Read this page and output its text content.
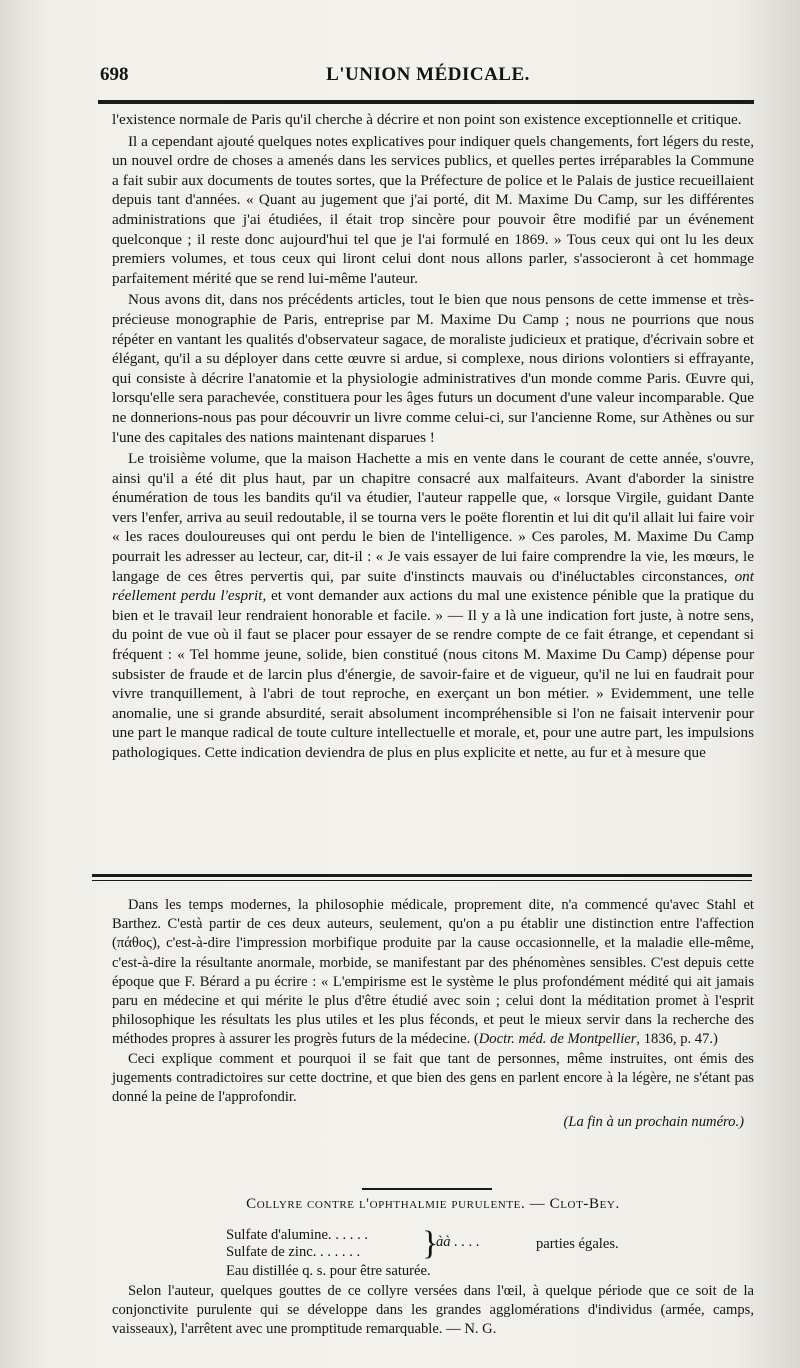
698	L'UNION MÉDICALE.

l'existence normale de Paris qu'il cherche à décrire et non point son existence exceptionnelle et critique.

Il a cependant ajouté quelques notes explicatives pour indiquer quels changements, fort légers du reste, un nouvel ordre de choses a amenés dans les services publics, et quelles pertes irréparables la Commune a fait subir aux documents de toutes sortes, que la Préfecture de police et le Palais de justice recueillaient depuis tant d'années. « Quant au jugement que j'ai porté, dit M. Maxime Du Camp, sur les différentes administrations que j'ai étudiées, il était trop sincère pour pouvoir être modifié par un événement quelconque ; il reste donc aujourd'hui tel que je l'ai formulé en 1869. » Tous ceux qui ont lu les deux premiers volumes, et tous ceux qui liront celui dont nous allons parler, s'associeront à cet hommage parfaitement mérité que se rend lui-même l'auteur.

Nous avons dit, dans nos précédents articles, tout le bien que nous pensons de cette immense et très-précieuse monographie de Paris, entreprise par M. Maxime Du Camp ; nous ne pourrions que nous répéter en vantant les qualités d'observateur sagace, de moraliste judicieux et pratique, d'écrivain sobre et élégant, qu'il a su déployer dans cette œuvre si ardue, si complexe, nous dirions volontiers si effrayante, qui consiste à décrire l'anatomie et la physiologie administratives d'un monde comme Paris. Œuvre qui, lorsqu'elle sera parachevée, constituera pour les âges futurs un document d'une valeur incomparable. Que ne donnerions-nous pas pour découvrir un livre comme celui-ci, sur l'ancienne Rome, sur Athènes ou sur l'une des capitales des nations maintenant disparues !

Le troisième volume, que la maison Hachette a mis en vente dans le courant de cette année, s'ouvre, ainsi qu'il a été dit plus haut, par un chapitre consacré aux malfaiteurs. Avant d'aborder la sinistre énumération de tous les bandits qu'il va étudier, l'auteur rappelle que, « lorsque Virgile, guidant Dante vers l'enfer, arriva au seuil redoutable, il se tourna vers le poëte florentin et lui dit qu'il allait lui faire voir « les races douloureuses qui ont perdu le bien de l'intelligence. » Ces paroles, M. Maxime Du Camp pourrait les adresser au lecteur, car, dit-il : « Je vais essayer de lui faire comprendre la vie, les mœurs, le langage de ces êtres pervertis qui, par suite d'instincts mauvais ou d'inéluctables circonstances, ont réellement perdu l'esprit, et vont demander aux actions du mal une existence pénible que la pratique du bien et le travail leur rendraient honorable et facile. » — Il y a là une indication fort juste, à notre sens, du point de vue où il faut se placer pour essayer de se rendre compte de ce fait étrange, et cependant si fréquent : « Tel homme jeune, solide, bien constitué (nous citons M. Maxime Du Camp) dépense pour subsister de fraude et de larcin plus d'énergie, de savoir-faire et de vigueur, qu'il ne lui en faudrait pour vivre tranquillement, à l'abri de tout reproche, en exerçant un bon métier. » Evidemment, une telle anomalie, une si grande absurdité, serait absolument incompréhensible si l'on ne faisait intervenir pour une part le manque radical de toute culture intellectuelle et morale, et, pour une autre part, les impulsions pathologiques. Cette indication deviendra de plus en plus explicite et nette, au fur et à mesure que

Dans les temps modernes, la philosophie médicale, proprement dite, n'a commencé qu'avec Stahl et Barthez. C'està partir de ces deux auteurs, seulement, qu'on a pu établir une distinction entre l'affection (πάθος), c'est-à-dire l'impression morbifique produite par la cause occasionnelle, et la maladie elle-même, c'est-à-dire la résultante anormale, morbide, se manifestant par des phénomènes sensibles. C'est depuis cette époque que F. Bérard a pu écrire : « L'empirisme est le système le plus profondément médité qui ait jamais paru en médecine et qui mérite le plus d'être étudié avec soin ; celui dont la méditation promet à l'esprit philosophique les résultats les plus utiles et les plus féconds, et peut le mieux servir dans la recherche des méthodes propres à assurer les progrès futurs de la médecine. (Doctr. méd. de Montpellier, 1836, p. 47.)

Ceci explique comment et pourquoi il se fait que tant de personnes, même instruites, ont émis des jugements contradictoires sur cette doctrine, et que bien des gens en parlent encore à la légère, ne s'étant pas donné la peine de l'approfondir.

(La fin à un prochain numéro.)
Collyre contre l'ophthalmie purulente. — Clot-Bey.
Sulfate d'alumine. . . . . .
Sulfate de zinc. . . . . . .	}
àà . . . .	parties égales.
Eau distillée q. s. pour être saturée.

Selon l'auteur, quelques gouttes de ce collyre versées dans l'œil, à quelque période que ce soit de la conjonctivite purulente qui se développe dans les grandes agglomérations d'individus (armée, camps, vaisseaux), l'arrêtent avec une promptitude remarquable. — N. G.
